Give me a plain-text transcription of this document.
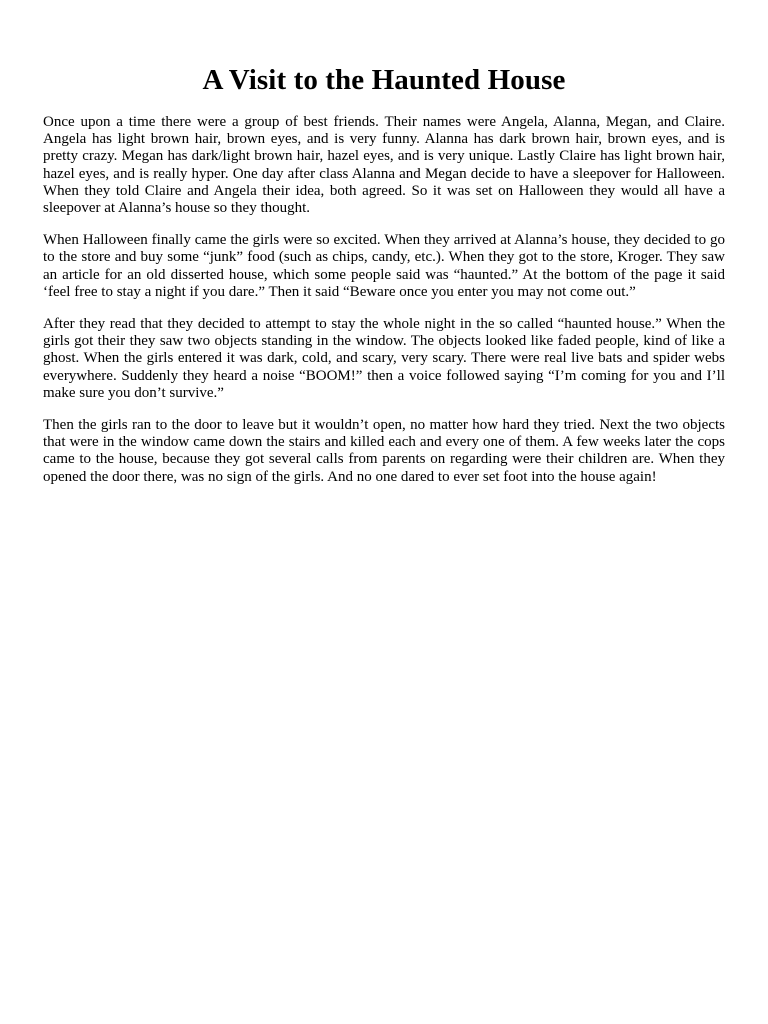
A Visit to the Haunted House

Once upon a time there were a group of best friends. Their names were Angela, Alanna, Megan, and Claire. Angela has light brown hair, brown eyes, and is very funny. Alanna has dark brown hair, brown eyes, and is pretty crazy. Megan has dark/light brown hair, hazel eyes, and is very unique. Lastly Claire has light brown hair, hazel eyes, and is really hyper. One day after class Alanna and Megan decide to have a sleepover for Halloween. When they told Claire and Angela their idea, both agreed. So it was set on Halloween they would all have a sleepover at Alanna’s house so they thought.

When Halloween finally came the girls were so excited. When they arrived at Alanna’s house, they decided to go to the store and buy some “junk” food (such as chips, candy, etc.). When they got to the store, Kroger. They saw an article for an old disserted house, which some people said was “haunted.” At the bottom of the page it said ‘feel free to stay a night if you dare.” Then it said “Beware once you enter you may not come out.”

After they read that they decided to attempt to stay the whole night in the so called “haunted house.” When the girls got their they saw two objects standing in the window. The objects looked like faded people, kind of like a ghost. When the girls entered it was dark, cold, and scary, very scary. There were real live bats and spider webs everywhere. Suddenly they heard a noise “BOOM!” then a voice followed saying “I’m coming for you and I’ll make sure you don’t survive.”

Then the girls ran to the door to leave but it wouldn’t open, no matter how hard they tried. Next the two objects that were in the window came down the stairs and killed each and every one of them. A few weeks later the cops came to the house, because they got several calls from parents on regarding were their children are. When they opened the door there, was no sign of the girls. And no one dared to ever set foot into the house again!
